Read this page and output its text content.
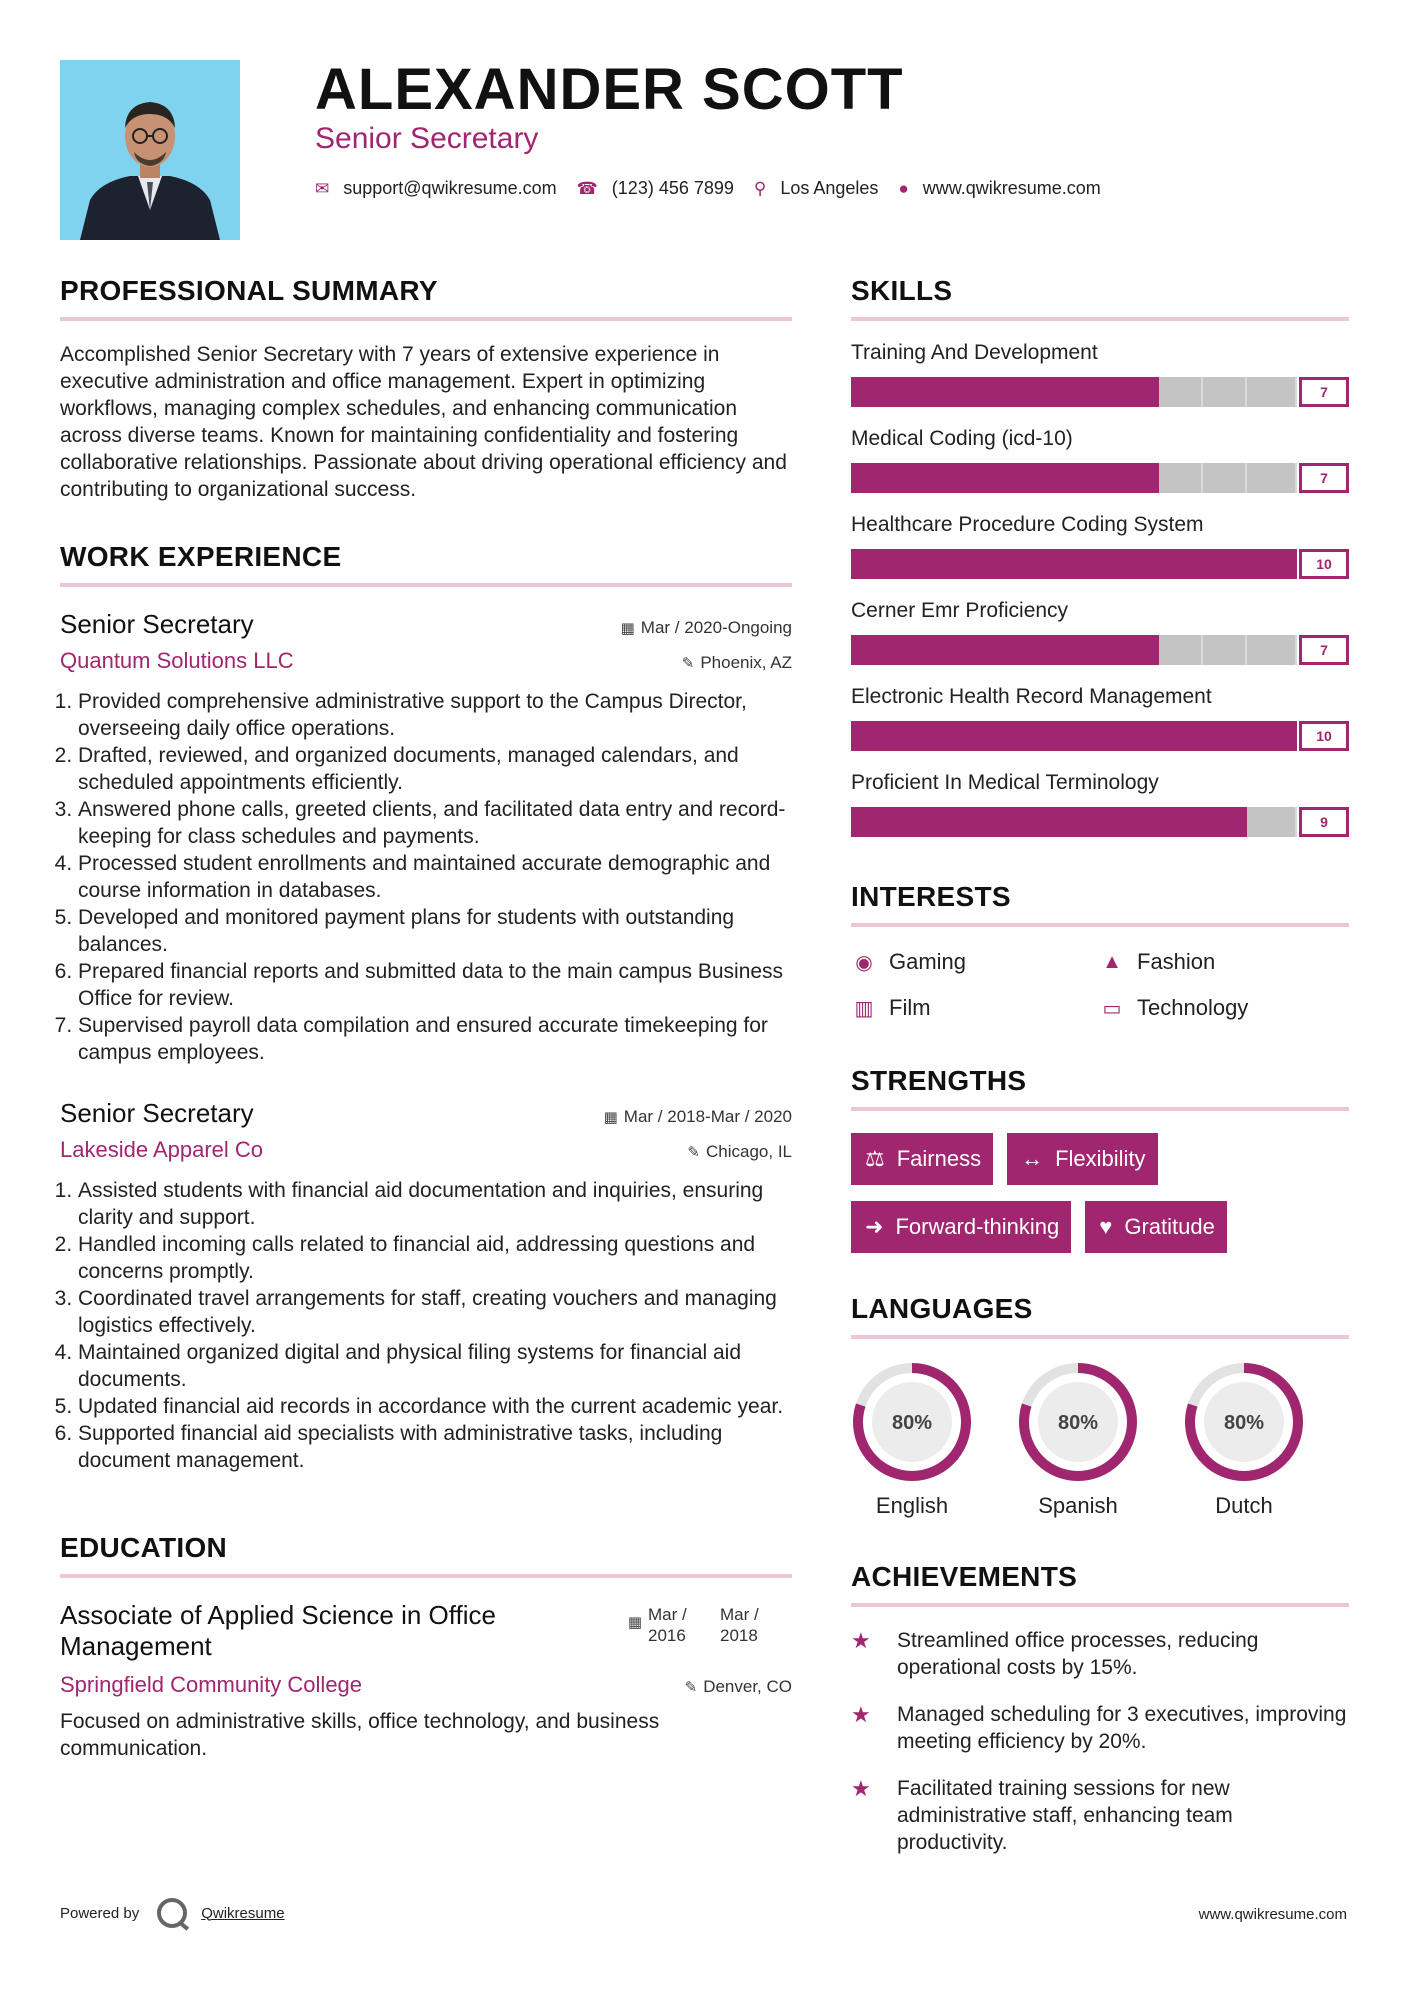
ALEXANDER SCOTT
Senior Secretary
✉ support@qwikresume.com ☎ (123) 456 7899 ⚲ Los Angeles ● www.qwikresume.com
PROFESSIONAL SUMMARY
Accomplished Senior Secretary with 7 years of extensive experience in executive administration and office management. Expert in optimizing workflows, managing complex schedules, and enhancing communication across diverse teams. Known for maintaining confidentiality and fostering collaborative relationships. Passionate about driving operational efficiency and contributing to organizational success.
WORK EXPERIENCE
Senior Secretary	▦ Mar / 2020-Ongoing
Quantum Solutions LLC	✎ Phoenix, AZ
1. Provided comprehensive administrative support to the Campus Director, overseeing daily office operations.
2. Drafted, reviewed, and organized documents, managed calendars, and scheduled appointments efficiently.
3. Answered phone calls, greeted clients, and facilitated data entry and record-keeping for class schedules and payments.
4. Processed student enrollments and maintained accurate demographic and course information in databases.
5. Developed and monitored payment plans for students with outstanding balances.
6. Prepared financial reports and submitted data to the main campus Business Office for review.
7. Supervised payroll data compilation and ensured accurate timekeeping for campus employees.
Senior Secretary	▦ Mar / 2018-Mar / 2020
Lakeside Apparel Co	✎ Chicago, IL
1. Assisted students with financial aid documentation and inquiries, ensuring clarity and support.
2. Handled incoming calls related to financial aid, addressing questions and concerns promptly.
3. Coordinated travel arrangements for staff, creating vouchers and managing logistics effectively.
4. Maintained organized digital and physical filing systems for financial aid documents.
5. Updated financial aid records in accordance with the current academic year.
6. Supported financial aid specialists with administrative tasks, including document management.
EDUCATION
Associate of Applied Science in Office Management
▦ Mar /
2016
Mar /
2018
Springfield Community College	✎ Denver, CO
Focused on administrative skills, office technology, and business communication.
SKILLS
Training And Development
7
Medical Coding (icd-10)
7
Healthcare Procedure Coding System
10
Cerner Emr Proficiency
7
Electronic Health Record Management
10
Proficient In Medical Terminology
9
INTERESTS
◉ Gaming	▲ Fashion
▥ Film	▭ Technology
STRENGTHS
⚖ Fairness ↔ Flexibility
➜ Forward-thinking ♥ Gratitude
LANGUAGES
80%
English
80%
Spanish
80%
Dutch
ACHIEVEMENTS
★	Streamlined office processes, reducing operational costs by 15%.
★	Managed scheduling for 3 executives, improving meeting efficiency by 20%.
★	Facilitated training sessions for new administrative staff, enhancing team productivity.
Powered by	Qwikresume	www.qwikresume.com
